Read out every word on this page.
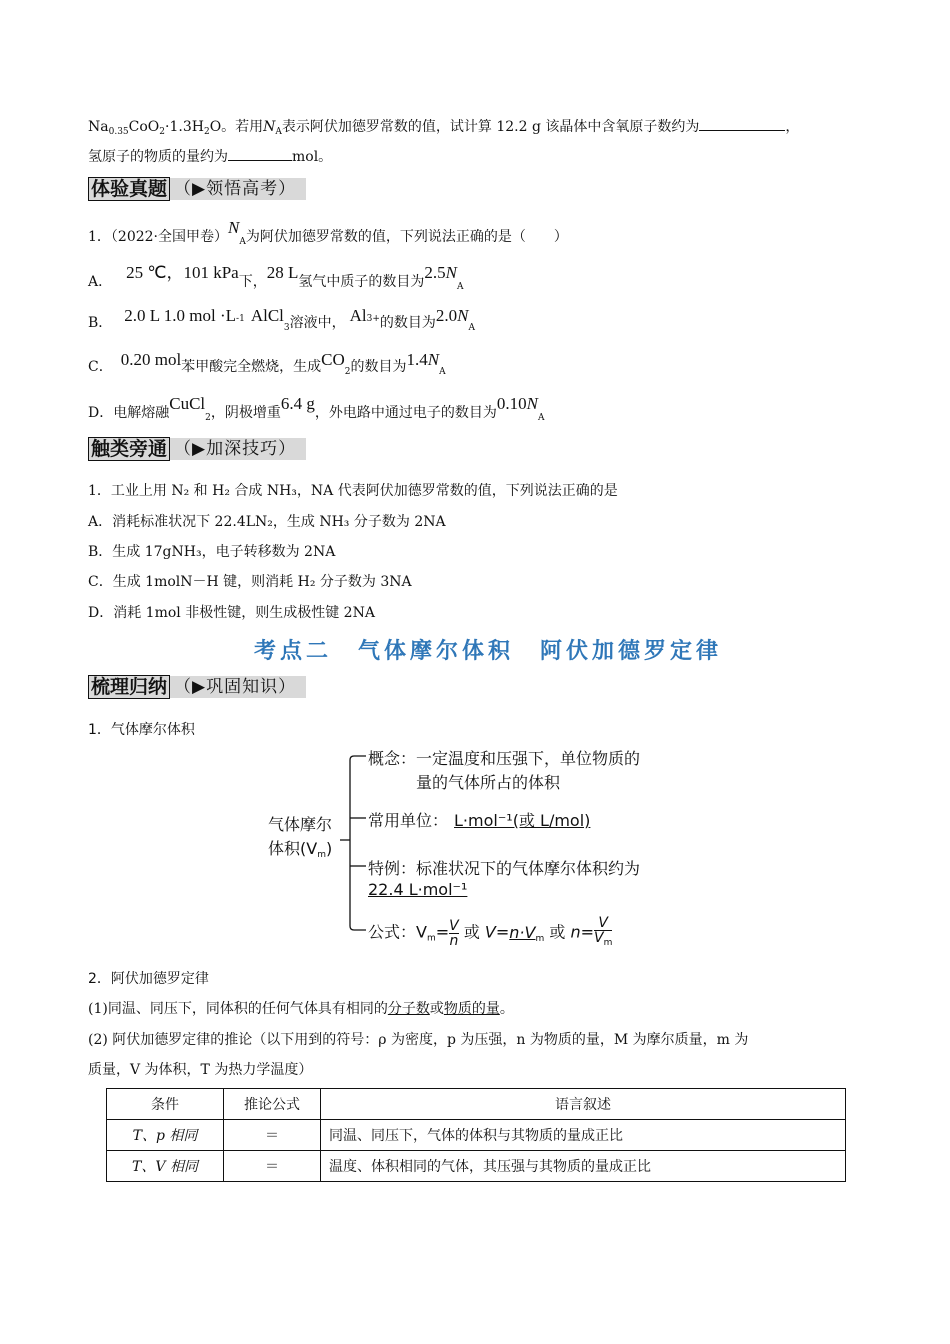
$Na_{0.35}CoO_2\cdot 1.3H_2O$。若用$N_A$表示阿伏加德罗常数的值，试计算 12.2 g 该晶体中含氧原子数约为	，
氢原子的物质的量约为	mol。
体验真题 （▶领悟高考）
1．（2022·全国甲卷）$N_A$为阿伏加德罗常数的值，下列说法正确的是（　　）
A． 25 ℃，101 kPa下，28 L氢气中质子的数目为$2.5N_A$
B． 2.0 L 1.0 mol $\cdot L^{-1}$ AlCl$_3$溶液中， $Al^{3+}$的数目为$2.0N_A$
C． 0.20 mol苯甲酸完全燃烧，生成$CO_2$的数目为$1.4N_A$
D．电解熔融CuCl$_2$，阴极增重6.4 g，外电路中通过电子的数目为$0.10N_A$
触类旁通 （▶加深技巧）
1．工业上用 N₂ 和 H₂ 合成 NH₃，NA 代表阿伏加德罗常数的值，下列说法正确的是
A．消耗标准状况下 22.4LN₂，生成 NH₃ 分子数为 2NA
B．生成 17gNH₃，电子转移数为 2NA
C．生成 1molN－H 键，则消耗 H₂ 分子数为 3NA
D．消耗 1mol 非极性键，则生成极性键 2NA
考点二　气体摩尔体积　阿伏加德罗定律
梳理归纳 （▶巩固知识）
1．气体摩尔体积
气体摩尔
体积$(V_m)$
概念：一定温度和压强下，单位物质的
量的气体所占的体积
常用单位： L·mol⁻¹(或 L/mol)
特例：标准状况下的气体摩尔体积约为
22.4 L·mol⁻¹
公式：$V_m= \frac{V}{n}$ 或 $V=n\cdot V_m$ 或 $n= \frac{V}{V_m}$
2．阿伏加德罗定律
(1)同温、同压下，同体积的任何气体具有相同的分子数或物质的量。
(2) 阿伏加德罗定律的推论（以下用到的符号：ρ 为密度，p 为压强，n 为物质的量，M 为摩尔质量，m 为
质量，V 为体积，T 为热力学温度）
条件	推论公式	语言叙述
T、p 相同	＝	同温、同压下，气体的体积与其物质的量成正比
T、V 相同	＝	温度、体积相同的气体，其压强与其物质的量成正比
